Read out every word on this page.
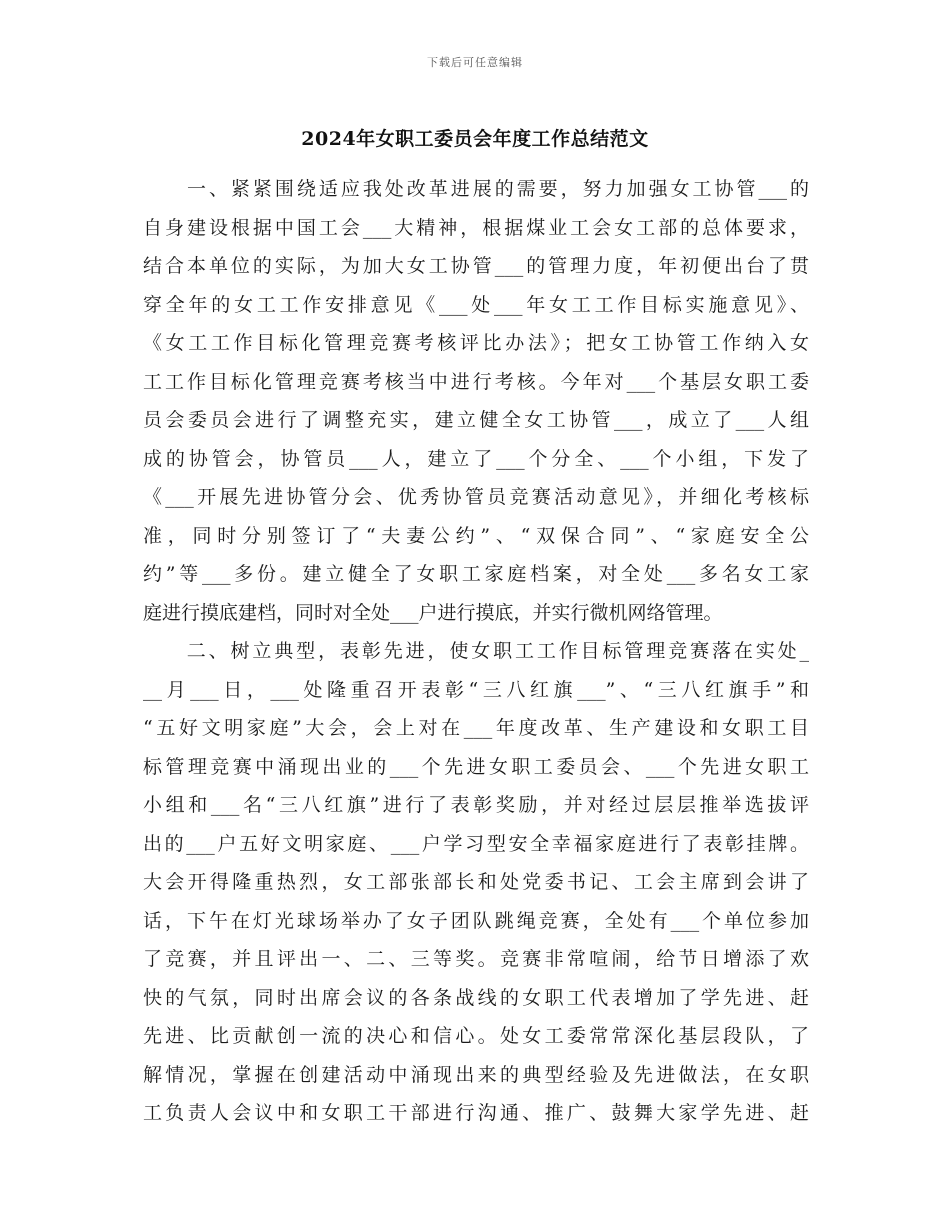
下载后可任意编辑
2024年女职工委员会年度工作总结范文
　　一、紧紧围绕适应我处改革进展的需要，努力加强女工协管___的
自身建设根据中国工会___大精神，根据煤业工会女工部的总体要求，
结合本单位的实际，为加大女工协管___的管理力度，年初便出台了贯
穿全年的女工工作安排意见《___处___年女工工作目标实施意见》、
《女工工作目标化管理竞赛考核评比办法》；把女工协管工作纳入女
工工作目标化管理竞赛考核当中进行考核。今年对___个基层女职工委
员会委员会进行了调整充实，建立健全女工协管___，成立了___人组
成的协管会，协管员___人，建立了___个分全、___个小组，下发了
《___开展先进协管分会、优秀协管员竞赛活动意见》，并细化考核标
准，同时分别签订了“夫妻公约”、“双保合同”、“家庭安全公
约”等___多份。建立健全了女职工家庭档案，对全处___多名女工家
庭进行摸底建档，同时对全处___户进行摸底，并实行微机网络管理。
　　二、树立典型，表彰先进，使女职工工作目标管理竞赛落在实处_
__月___日，___处隆重召开表彰“三八红旗___”、“三八红旗手”和
“五好文明家庭”大会，会上对在___年度改革、生产建设和女职工目
标管理竞赛中涌现出业的___个先进女职工委员会、___个先进女职工
小组和___名“三八红旗”进行了表彰奖励，并对经过层层推举选拔评
出的___户五好文明家庭、___户学习型安全幸福家庭进行了表彰挂牌。
大会开得隆重热烈，女工部张部长和处党委书记、工会主席到会讲了
话，下午在灯光球场举办了女子团队跳绳竞赛，全处有___个单位参加
了竞赛，并且评出一、二、三等奖。竞赛非常喧闹，给节日增添了欢
快的气氛，同时出席会议的各条战线的女职工代表增加了学先进、赶
先进、比贡献创一流的决心和信心。处女工委常常深化基层段队，了
解情况，掌握在创建活动中涌现出来的典型经验及先进做法，在女职
工负责人会议中和女职工干部进行沟通、推广、鼓舞大家学先进、赶
